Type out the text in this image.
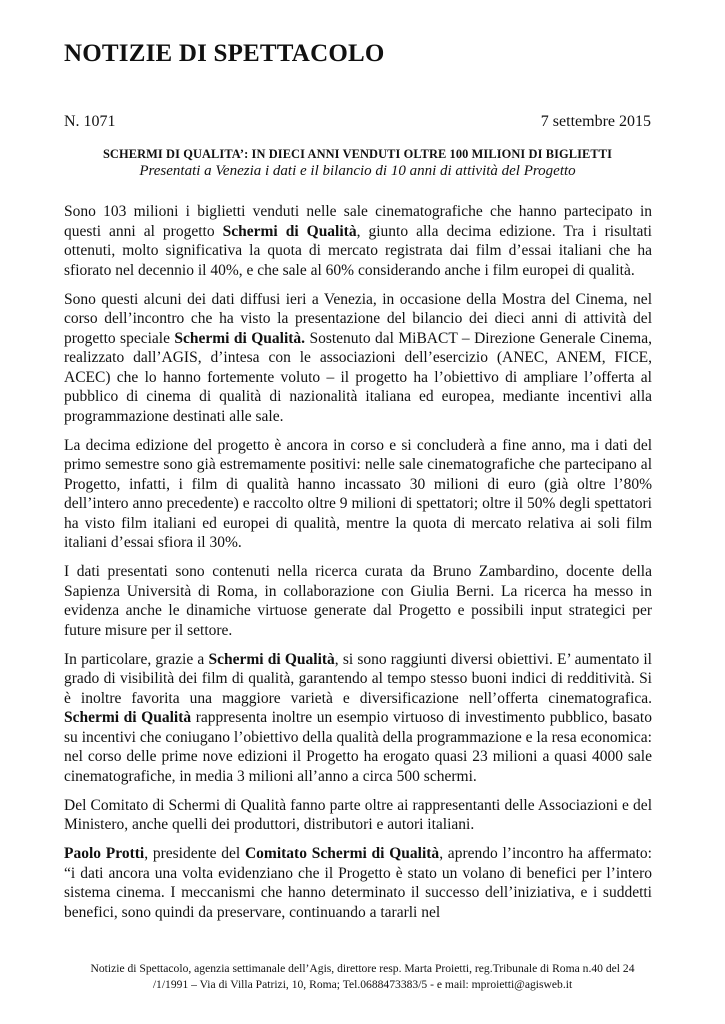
NOTIZIE DI SPETTACOLO
N. 1071	7 settembre 2015
SCHERMI DI QUALITA’: IN DIECI ANNI VENDUTI OLTRE 100 MILIONI DI BIGLIETTI
Presentati a Venezia i dati e il bilancio di 10 anni di attività del Progetto

Sono 103 milioni i biglietti venduti nelle sale cinematografiche che hanno partecipato in questi anni al progetto Schermi di Qualità, giunto alla decima edizione. Tra i risultati ottenuti, molto significativa la quota di mercato registrata dai film d’essai italiani che ha sfiorato nel decennio il 40%, e che sale al 60% considerando anche i film europei di qualità.

Sono questi alcuni dei dati diffusi ieri a Venezia, in occasione della Mostra del Cinema, nel corso dell’incontro che ha visto la presentazione del bilancio dei dieci anni di attività del progetto speciale Schermi di Qualità. Sostenuto dal MiBACT – Direzione Generale Cinema, realizzato dall’AGIS, d’intesa con le associazioni dell’esercizio (ANEC, ANEM, FICE, ACEC) che lo hanno fortemente voluto – il progetto ha l’obiettivo di ampliare l’offerta al pubblico di cinema di qualità di nazionalità italiana ed europea, mediante incentivi alla programmazione destinati alle sale.

La decima edizione del progetto è ancora in corso e si concluderà a fine anno, ma i dati del primo semestre sono già estremamente positivi: nelle sale cinematografiche che partecipano al Progetto, infatti, i film di qualità hanno incassato 30 milioni di euro (già oltre l’80% dell’intero anno precedente) e raccolto oltre 9 milioni di spettatori; oltre il 50% degli spettatori ha visto film italiani ed europei di qualità, mentre la quota di mercato relativa ai soli film italiani d’essai sfiora il 30%.

I dati presentati sono contenuti nella ricerca curata da Bruno Zambardino, docente della Sapienza Università di Roma, in collaborazione con Giulia Berni. La ricerca ha messo in evidenza anche le dinamiche virtuose generate dal Progetto e possibili input strategici per future misure per il settore.

In particolare, grazie a Schermi di Qualità, si sono raggiunti diversi obiettivi. E’ aumentato il grado di visibilità dei film di qualità, garantendo al tempo stesso buoni indici di redditività. Si è inoltre favorita una maggiore varietà e diversificazione nell’offerta cinematografica. Schermi di Qualità rappresenta inoltre un esempio virtuoso di investimento pubblico, basato su incentivi che coniugano l’obiettivo della qualità della programmazione e la resa economica: nel corso delle prime nove edizioni il Progetto ha erogato quasi 23 milioni a quasi 4000 sale cinematografiche, in media 3 milioni all’anno a circa 500 schermi.

Del Comitato di Schermi di Qualità fanno parte oltre ai rappresentanti delle Associazioni e del Ministero, anche quelli dei produttori, distributori e autori italiani.

Paolo Protti, presidente del Comitato Schermi di Qualità, aprendo l’incontro ha affermato: “i dati ancora una volta evidenziano che il Progetto è stato un volano di benefici per l’intero sistema cinema. I meccanismi che hanno determinato il successo dell’iniziativa, e i suddetti benefici, sono quindi da preservare, continuando a tararli nel

Notizie di Spettacolo, agenzia settimanale dell’Agis, direttore resp. Marta Proietti, reg.Tribunale di Roma n.40 del 24
/1/1991 – Via di Villa Patrizi, 10, Roma; Tel.0688473383/5 - e mail: mproietti@agisweb.it
